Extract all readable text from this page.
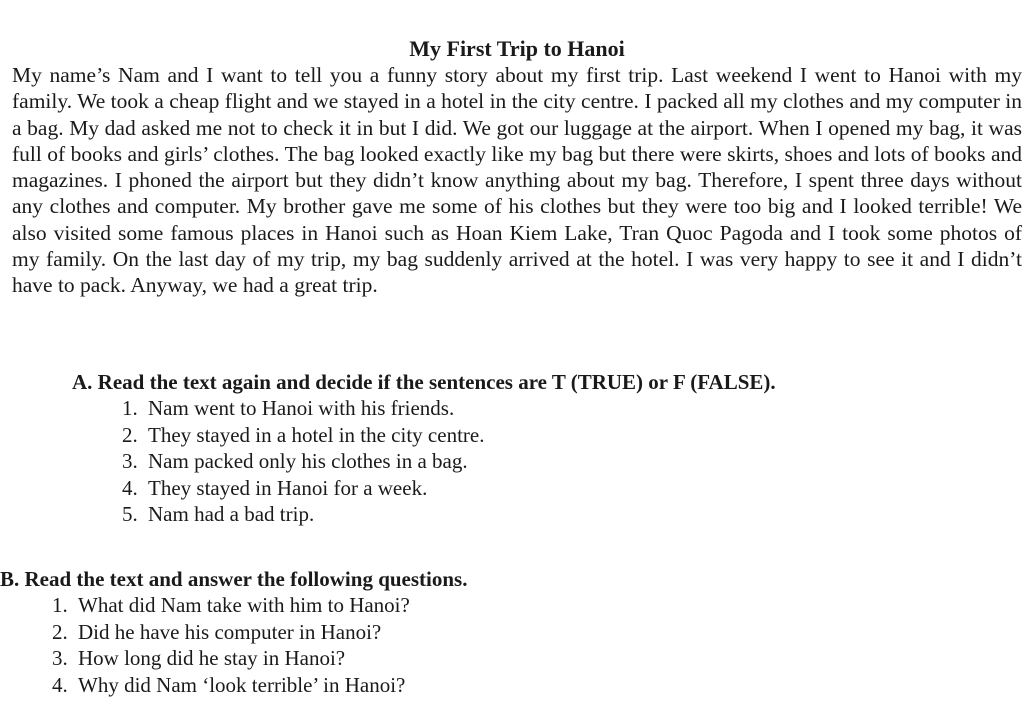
My First Trip to Hanoi

My name’s Nam and I want to tell you a funny story about my first trip. Last weekend I went to Hanoi with my family. We took a cheap flight and we stayed in a hotel in the city centre. I packed all my clothes and my computer in a bag. My dad asked me not to check it in but I did. We got our luggage at the airport. When I opened my bag, it was full of books and girls’ clothes. The bag looked exactly like my bag but there were skirts, shoes and lots of books and magazines. I phoned the airport but they didn’t know anything about my bag. Therefore, I spent three days without any clothes and computer. My brother gave me some of his clothes but they were too big and I looked terrible! We also visited some famous places in Hanoi such as Hoan Kiem Lake, Tran Quoc Pagoda and I took some photos of my family. On the last day of my trip, my bag suddenly arrived at the hotel. I was very happy to see it and I didn’t have to pack. Anyway, we had a great trip.

A. Read the text again and decide if the sentences are T (TRUE) or F (FALSE).
1. Nam went to Hanoi with his friends.
2. They stayed in a hotel in the city centre.
3. Nam packed only his clothes in a bag.
4. They stayed in Hanoi for a week.
5. Nam had a bad trip.
B. Read the text and answer the following questions.
1. What did Nam take with him to Hanoi?
2. Did he have his computer in Hanoi?
3. How long did he stay in Hanoi?
4. Why did Nam ‘look terrible’ in Hanoi?
